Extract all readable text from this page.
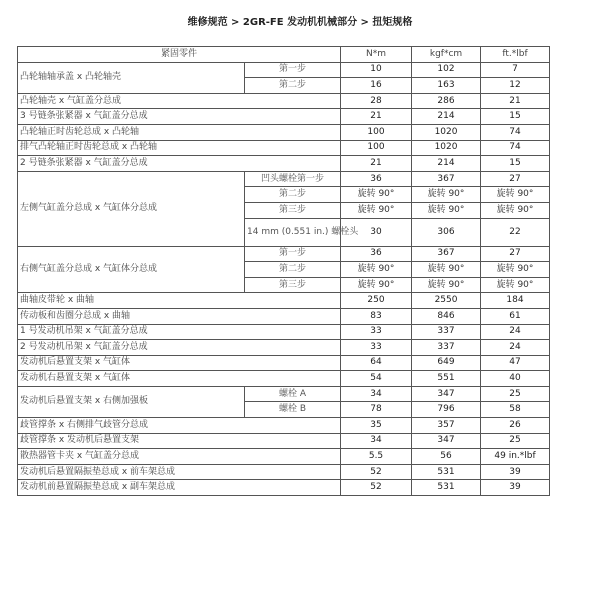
维修规范 > 2GR-FE 发动机机械部分 > 扭矩规格
紧固零件		N*m	kgf*cm	ft.*lbf
凸轮轴轴承盖 x 凸轮轴壳	第一步	10	102	7
	第二步	16	163	12
凸轮轴壳 x 气缸盖分总成		28	286	21
3 号链条张紧器 x 气缸盖分总成		21	214	15
凸轮轴正时齿轮总成 x 凸轮轴		100	1020	74
排气凸轮轴正时齿轮总成 x 凸轮轴		100	1020	74
2 号链条张紧器 x 气缸盖分总成		21	214	15
左侧气缸盖分总成 x 气缸体分总成	凹头螺栓第一步	36	367	27
	第二步	旋转 90°	旋转 90°	旋转 90°
	第三步	旋转 90°	旋转 90°	旋转 90°
	14 mm (0.551 in.) 螺栓头	30	306	22
右侧气缸盖分总成 x 气缸体分总成	第一步	36	367	27
	第二步	旋转 90°	旋转 90°	旋转 90°
	第三步	旋转 90°	旋转 90°	旋转 90°
曲轴皮带轮 x 曲轴		250	2550	184
传动板和齿圈分总成 x 曲轴		83	846	61
1 号发动机吊架 x 气缸盖分总成		33	337	24
2 号发动机吊架 x 气缸盖分总成		33	337	24
发动机后悬置支架 x 气缸体		64	649	47
发动机右悬置支架 x 气缸体		54	551	40
发动机后悬置支架 x 右侧加强板	螺栓 A	34	347	25
	螺栓 B	78	796	58
歧管撑条 x 右侧排气歧管分总成		35	357	26
歧管撑条 x 发动机后悬置支架		34	347	25
散热器管卡夹 x 气缸盖分总成		5.5	56	49 in.*lbf
发动机后悬置隔振垫总成 x 前车架总成		52	531	39
发动机前悬置隔振垫总成 x 副车架总成		52	531	39
